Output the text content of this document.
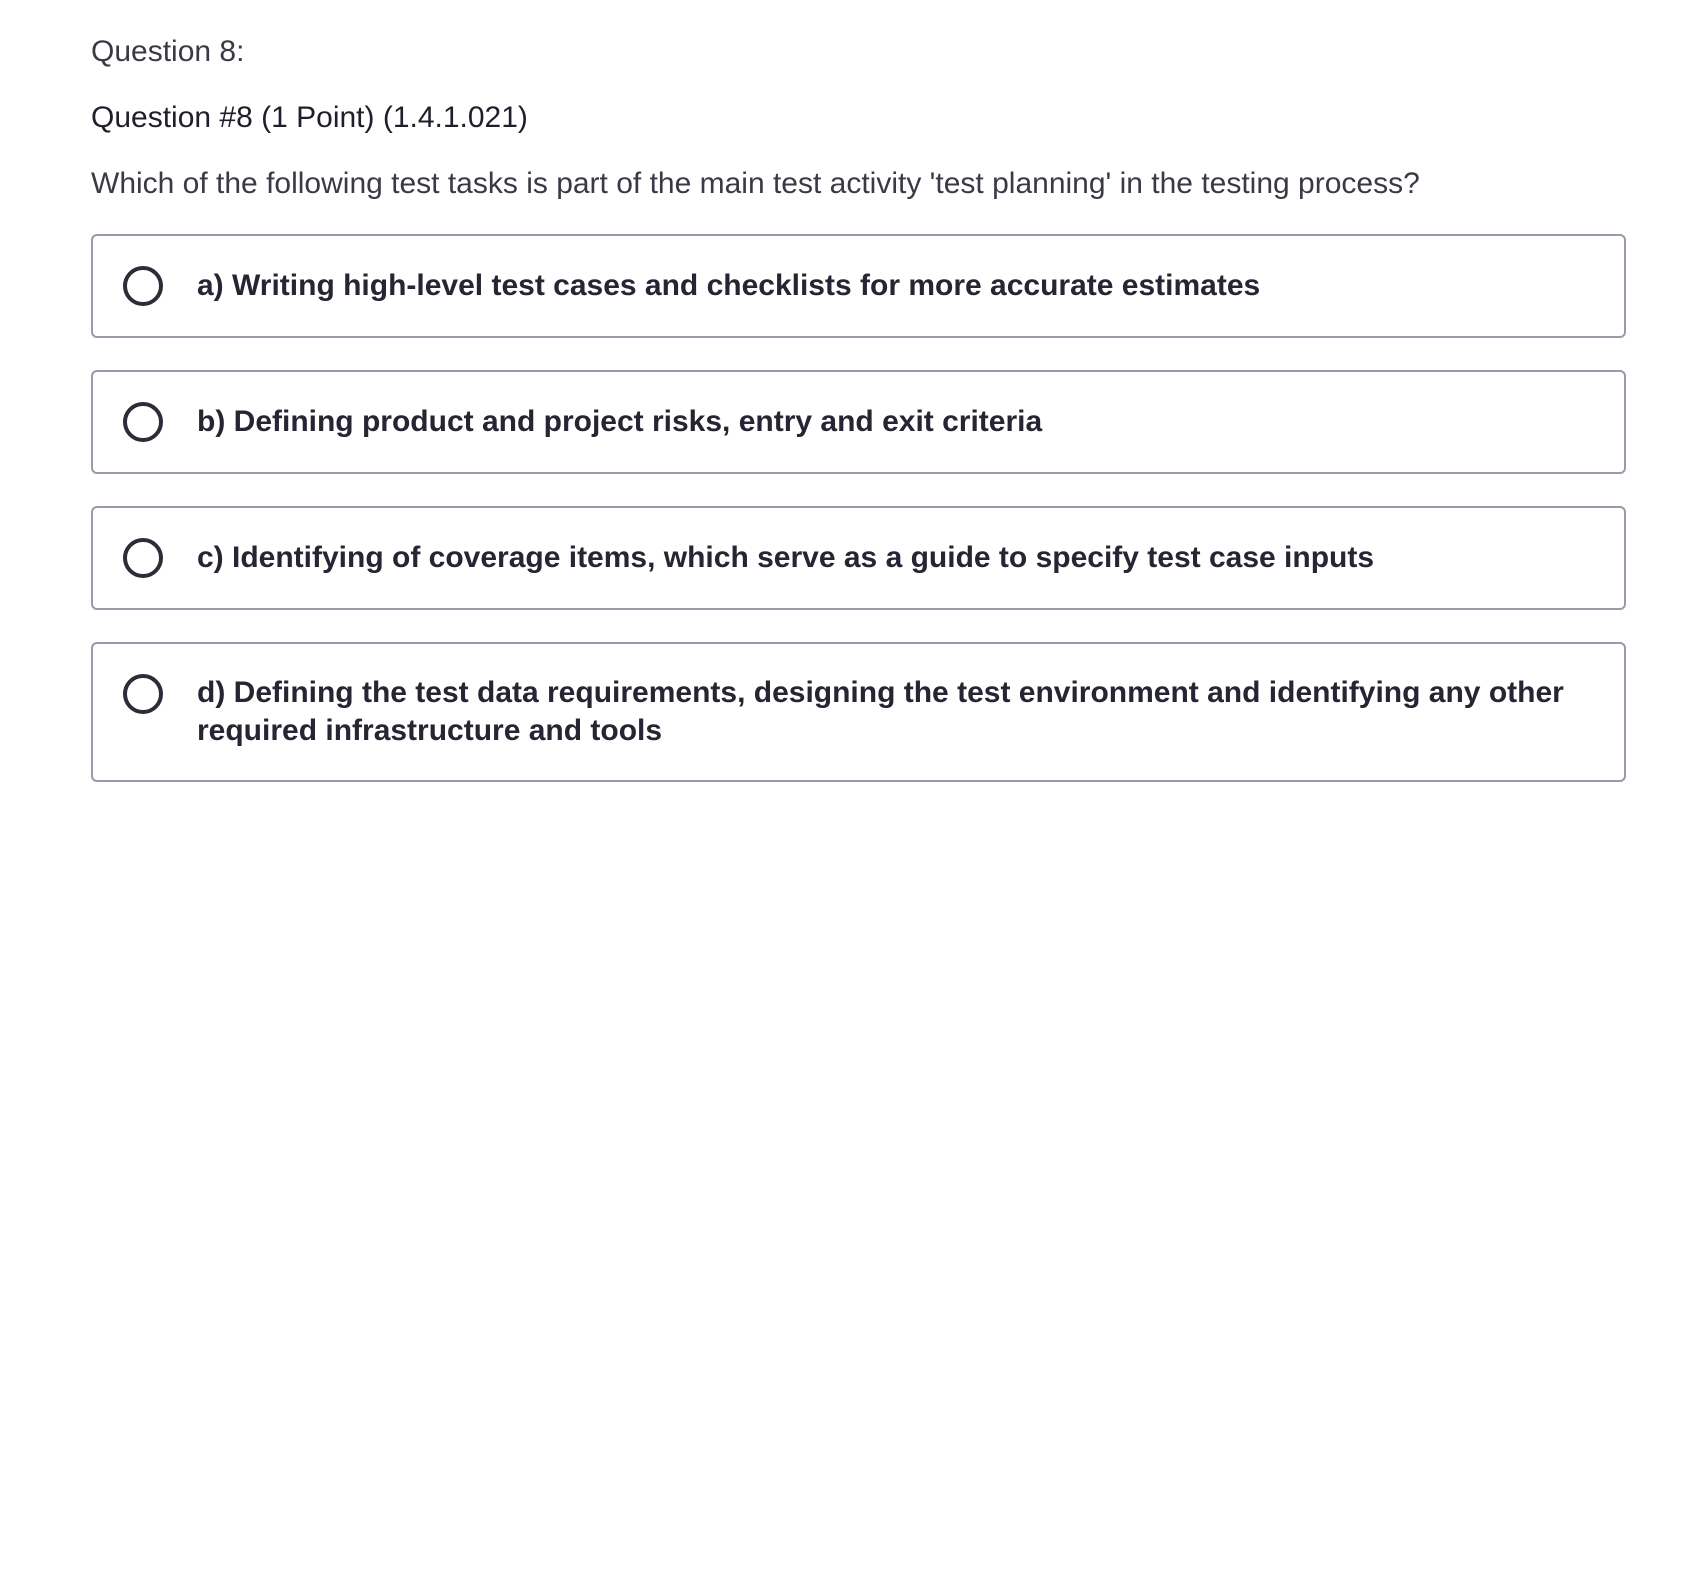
Question 8:

Question #8 (1 Point) (1.4.1.021)

Which of the following test tasks is part of the main test activity 'test planning' in the testing process?

a) Writing high-level test cases and checklists for more accurate estimates
b) Defining product and project risks, entry and exit criteria
c) Identifying of coverage items, which serve as a guide to specify test case inputs
d) Defining the test data requirements, designing the test environment and identifying any other required infrastructure and tools
